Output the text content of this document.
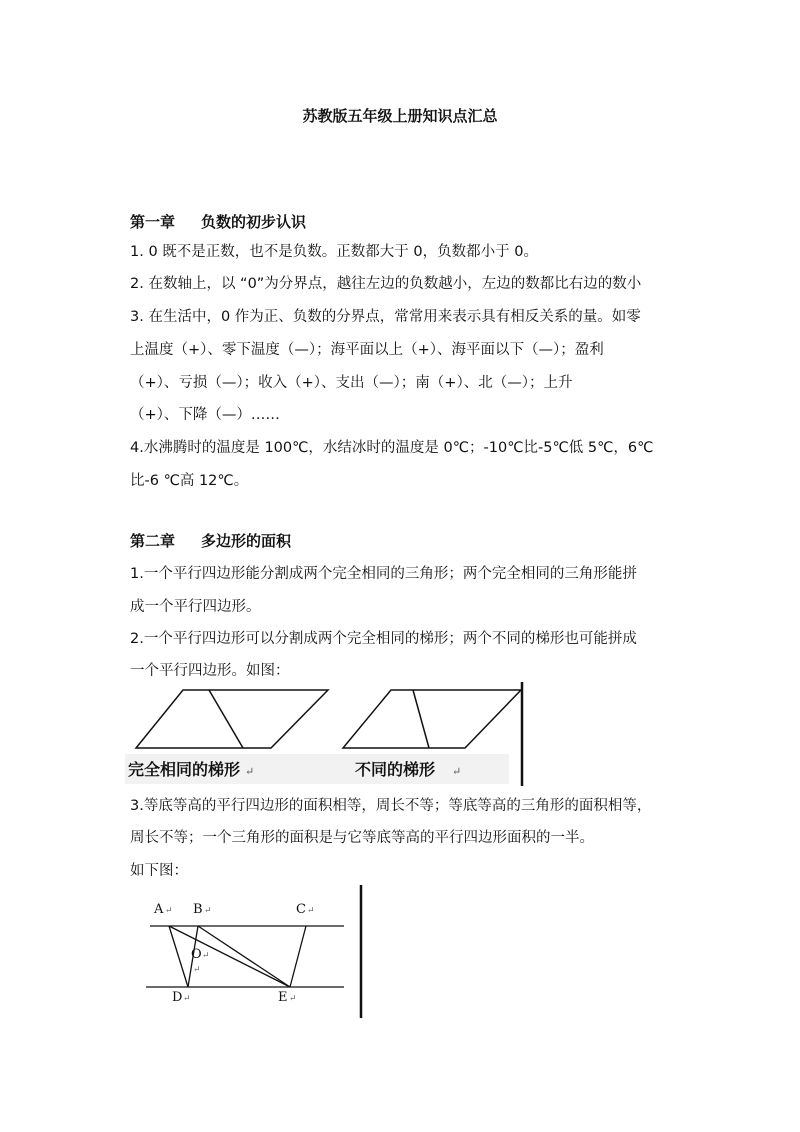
苏教版五年级上册知识点汇总
第一章 负数的初步认识
1. 0 既不是正数，也不是负数。正数都大于 0，负数都小于 0。
2. 在数轴上，以 “0”为分界点，越往左边的负数越小，左边的数都比右边的数小
3. 在生活中，0 作为正、负数的分界点，常常用来表示具有相反关系的量。如零
上温度（+）、零下温度（—）；海平面以上（+）、海平面以下（—）；盈利
（+）、亏损（—）；收入（+）、支出（—）；南（+）、北（—）；上升
（+）、下降（—）……
4.水沸腾时的温度是 100℃，水结冰时的温度是 0℃；-10℃比-5℃低 5℃，6℃
比-6 ℃高 12℃。
第二章 多边形的面积
1.一个平行四边形能分割成两个完全相同的三角形；两个完全相同的三角形能拼
成一个平行四边形。
2.一个平行四边形可以分割成两个完全相同的梯形；两个不同的梯形也可能拼成
一个平行四边形。如图：
完全相同的梯形 ↵	不同的梯形 ↵
3.等底等高的平行四边形的面积相等，周长不等；等底等高的三角形的面积相等，
周长不等；一个三角形的面积是与它等底等高的平行四边形面积的一半。
如下图：
A B	C
O
D	E
↵	↵	↵
↵
↵
↵	↵
